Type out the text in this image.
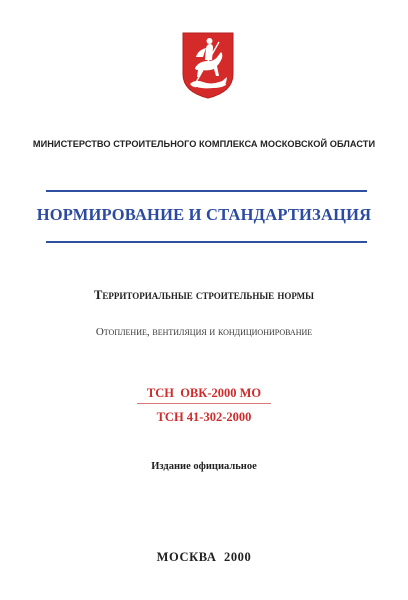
МИНИСТЕРСТВО СТРОИТЕЛЬНОГО КОМПЛЕКСА МОСКОВСКОЙ ОБЛАСТИ
НОРМИРОВАНИЕ И СТАНДАРТИЗАЦИЯ
Территориальные строительные нормы
Отопление, вентиляция и кондиционирование
ТСН  ОВК-2000 МО
ТСН 41-302-2000
Издание официальное
МОСКВА  2000
